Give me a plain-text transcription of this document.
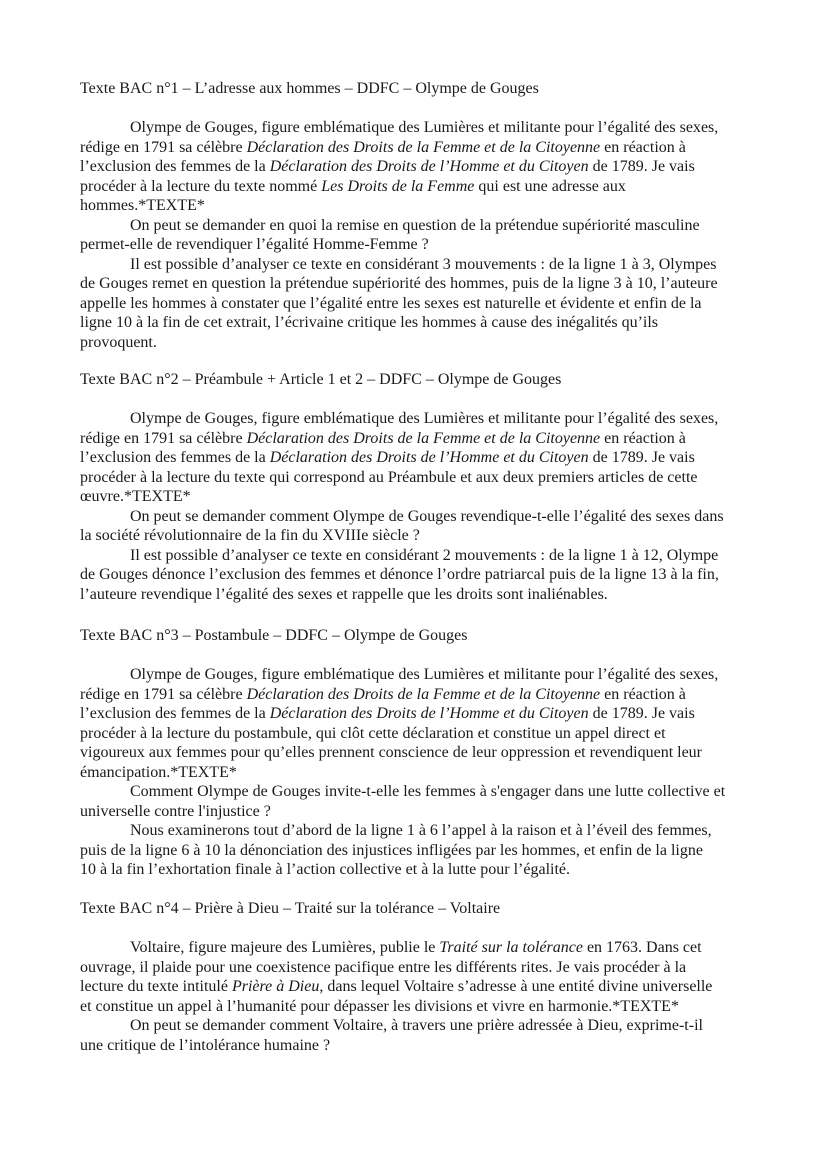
Texte BAC n°1 – L’adresse aux hommes – DDFC – Olympe de Gouges
Olympe de Gouges, figure emblématique des Lumières et militante pour l’égalité des sexes,
rédige en 1791 sa célèbre Déclaration des Droits de la Femme et de la Citoyenne en réaction à
l’exclusion des femmes de la Déclaration des Droits de l’Homme et du Citoyen de 1789. Je vais
procéder à la lecture du texte nommé Les Droits de la Femme qui est une adresse aux
hommes.*TEXTE*
On peut se demander en quoi la remise en question de la prétendue supériorité masculine
permet-elle de revendiquer l’égalité Homme-Femme ?
Il est possible d’analyser ce texte en considérant 3 mouvements : de la ligne 1 à 3, Olympes
de Gouges remet en question la prétendue supériorité des hommes, puis de la ligne 3 à 10, l’auteure
appelle les hommes à constater que l’égalité entre les sexes est naturelle et évidente et enfin de la
ligne 10 à la fin de cet extrait, l’écrivaine critique les hommes à cause des inégalités qu’ils
provoquent.
Texte BAC n°2 – Préambule + Article 1 et 2 – DDFC – Olympe de Gouges
Olympe de Gouges, figure emblématique des Lumières et militante pour l’égalité des sexes,
rédige en 1791 sa célèbre Déclaration des Droits de la Femme et de la Citoyenne en réaction à
l’exclusion des femmes de la Déclaration des Droits de l’Homme et du Citoyen de 1789. Je vais
procéder à la lecture du texte qui correspond au Préambule et aux deux premiers articles de cette
œuvre.*TEXTE*
On peut se demander comment Olympe de Gouges revendique-t-elle l’égalité des sexes dans
la société révolutionnaire de la fin du XVIIIe siècle ?
Il est possible d’analyser ce texte en considérant 2 mouvements : de la ligne 1 à 12, Olympe
de Gouges dénonce l’exclusion des femmes et dénonce l’ordre patriarcal puis de la ligne 13 à la fin,
l’auteure revendique l’égalité des sexes et rappelle que les droits sont inaliénables.
Texte BAC n°3 – Postambule – DDFC – Olympe de Gouges
Olympe de Gouges, figure emblématique des Lumières et militante pour l’égalité des sexes,
rédige en 1791 sa célèbre Déclaration des Droits de la Femme et de la Citoyenne en réaction à
l’exclusion des femmes de la Déclaration des Droits de l’Homme et du Citoyen de 1789. Je vais
procéder à la lecture du postambule, qui clôt cette déclaration et constitue un appel direct et
vigoureux aux femmes pour qu’elles prennent conscience de leur oppression et revendiquent leur
émancipation.*TEXTE*
Comment Olympe de Gouges invite-t-elle les femmes à s'engager dans une lutte collective et
universelle contre l'injustice ?
Nous examinerons tout d’abord de la ligne 1 à 6 l’appel à la raison et à l’éveil des femmes,
puis de la ligne 6 à 10 la dénonciation des injustices infligées par les hommes, et enfin de la ligne
10 à la fin l’exhortation finale à l’action collective et à la lutte pour l’égalité.
Texte BAC n°4 – Prière à Dieu – Traité sur la tolérance – Voltaire
Voltaire, figure majeure des Lumières, publie le Traité sur la tolérance en 1763. Dans cet
ouvrage, il plaide pour une coexistence pacifique entre les différents rites. Je vais procéder à la
lecture du texte intitulé Prière à Dieu, dans lequel Voltaire s’adresse à une entité divine universelle
et constitue un appel à l’humanité pour dépasser les divisions et vivre en harmonie.*TEXTE*
On peut se demander comment Voltaire, à travers une prière adressée à Dieu, exprime-t-il
une critique de l’intolérance humaine ?
